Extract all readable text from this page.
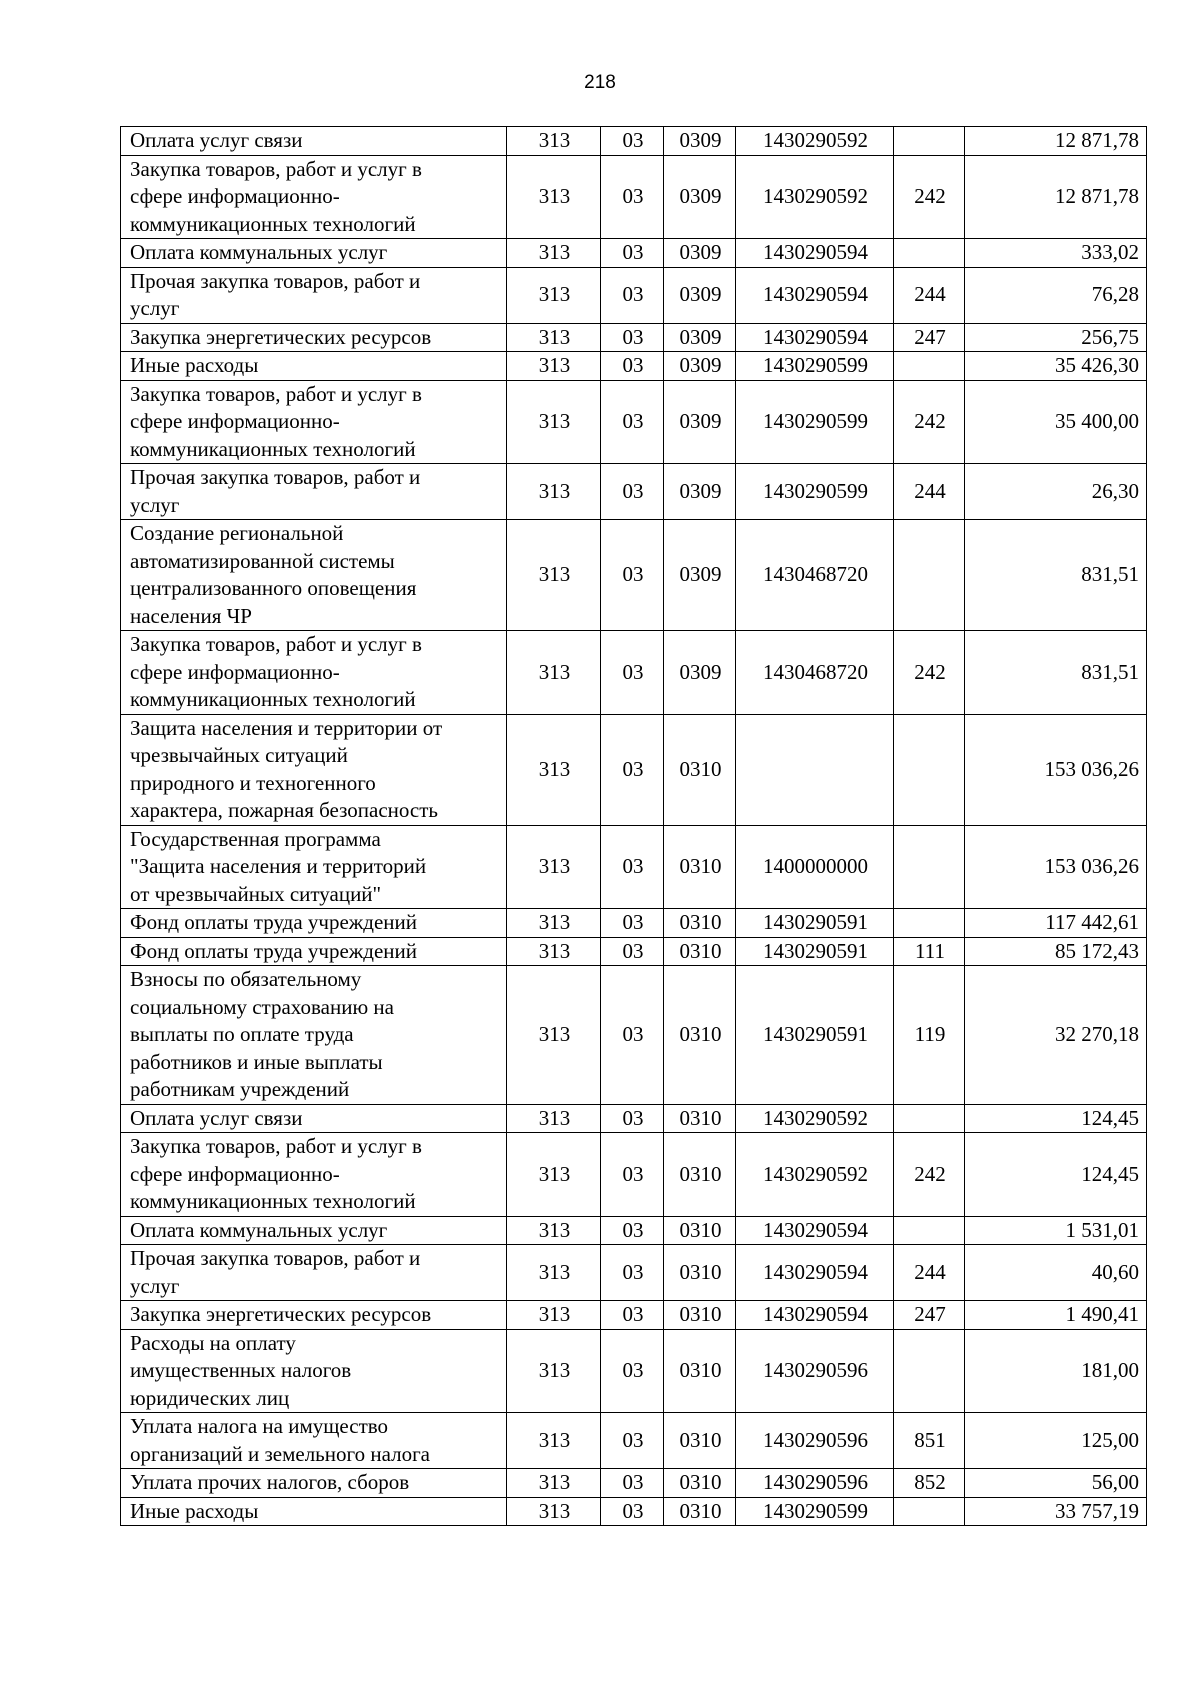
218
Оплата услуг связи	313	03	0309	1430290592		12 871,78

Закупка товаров, работ и услуг в
сфере информационно-
коммуникационных технологий	313	03	0309	1430290592	242	12 871,78

Оплата коммунальных услуг	313	03	0309	1430290594		333,02

Прочая закупка товаров, работ и
услуг	313	03	0309	1430290594	244	76,28

Закупка энергетических ресурсов	313	03	0309	1430290594	247	256,75

Иные расходы	313	03	0309	1430290599		35 426,30

Закупка товаров, работ и услуг в
сфере информационно-
коммуникационных технологий	313	03	0309	1430290599	242	35 400,00

Прочая закупка товаров, работ и
услуг	313	03	0309	1430290599	244	26,30

Создание региональной
автоматизированной системы
централизованного оповещения
населения ЧР	313	03	0309	1430468720		831,51

Закупка товаров, работ и услуг в
сфере информационно-
коммуникационных технологий	313	03	0309	1430468720	242	831,51

Защита населения и территории от
чрезвычайных ситуаций
природного и техногенного
характера, пожарная безопасность	313	03	0310			153 036,26

Государственная программа
"Защита населения и территорий
от чрезвычайных ситуаций"	313	03	0310	1400000000		153 036,26

Фонд оплаты труда учреждений	313	03	0310	1430290591		117 442,61

Фонд оплаты труда учреждений	313	03	0310	1430290591	111	85 172,43

Взносы по обязательному
социальному страхованию на
выплаты по оплате труда
работников и иные выплаты
работникам учреждений	313	03	0310	1430290591	119	32 270,18

Оплата услуг связи	313	03	0310	1430290592		124,45

Закупка товаров, работ и услуг в
сфере информационно-
коммуникационных технологий	313	03	0310	1430290592	242	124,45

Оплата коммунальных услуг	313	03	0310	1430290594		1 531,01

Прочая закупка товаров, работ и
услуг	313	03	0310	1430290594	244	40,60

Закупка энергетических ресурсов	313	03	0310	1430290594	247	1 490,41

Расходы на оплату
имущественных налогов
юридических лиц	313	03	0310	1430290596		181,00

Уплата налога на имущество
организаций и земельного налога	313	03	0310	1430290596	851	125,00

Уплата прочих налогов, сборов	313	03	0310	1430290596	852	56,00

Иные расходы	313	03	0310	1430290599		33 757,19
